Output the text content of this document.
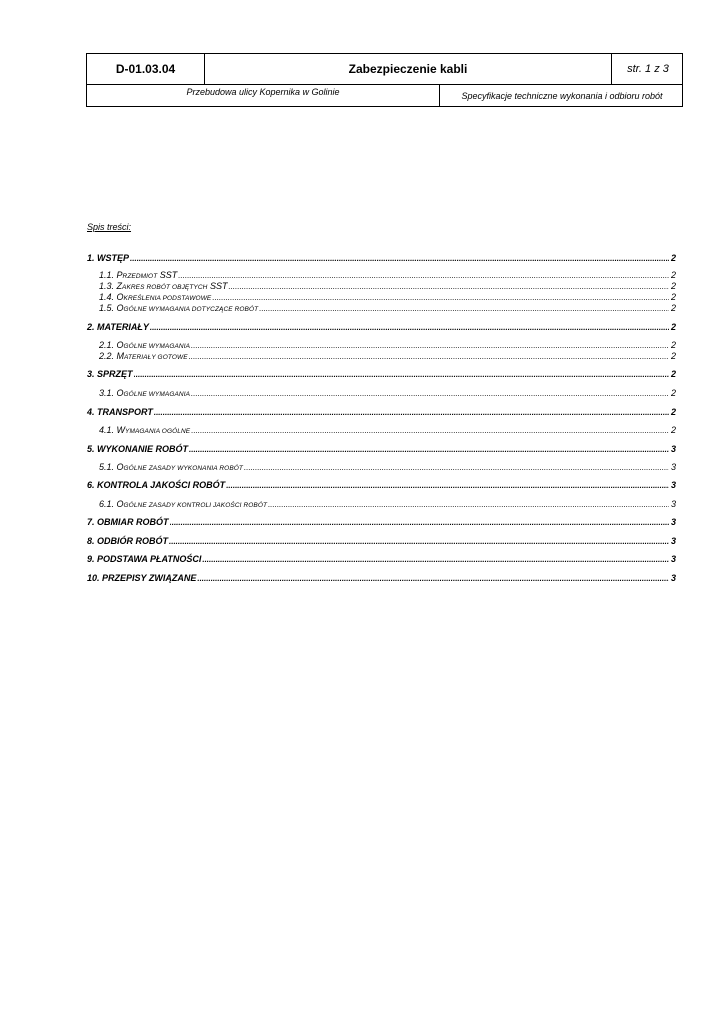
D-01.03.04	Zabezpieczenie kabli	str. 1 z 3
Przebudowa ulicy Kopernika w Golinie	Specyfikacje techniczne wykonania i odbioru robót
Spis treści:
1. WSTĘP .....	2
1.1. PRZEDMIOT SST .....	2
1.3. ZAKRES ROBÓT OBJĘTYCH SST .....	2
1.4. OKREŚLENIA PODSTAWOWE .....	2
1.5. OGÓLNE WYMAGANIA DOTYCZĄCE ROBÓT .....	2
2. MATERIAŁY .....	2
2.1. OGÓLNE WYMAGANIA .....	2
2.2. MATERIAŁY GOTOWE .....	2
3. SPRZĘT .....	2
3.1. OGÓLNE WYMAGANIA .....	2
4. TRANSPORT .....	2
4.1. WYMAGANIA OGÓLNE .....	2
5. WYKONANIE ROBÓT .....	3
5.1. OGÓLNE ZASADY WYKONANIA ROBÓT .....	3
6. KONTROLA JAKOŚCI ROBÓT .....	3
6.1. OGÓLNE ZASADY KONTROLI JAKOŚCI ROBÓT .....	3
7. OBMIAR ROBÓT .....	3
8. ODBIÓR ROBÓT .....	3
9. PODSTAWA PŁATNOŚCI .....	3
10. PRZEPISY ZWIĄZANE .....	3
